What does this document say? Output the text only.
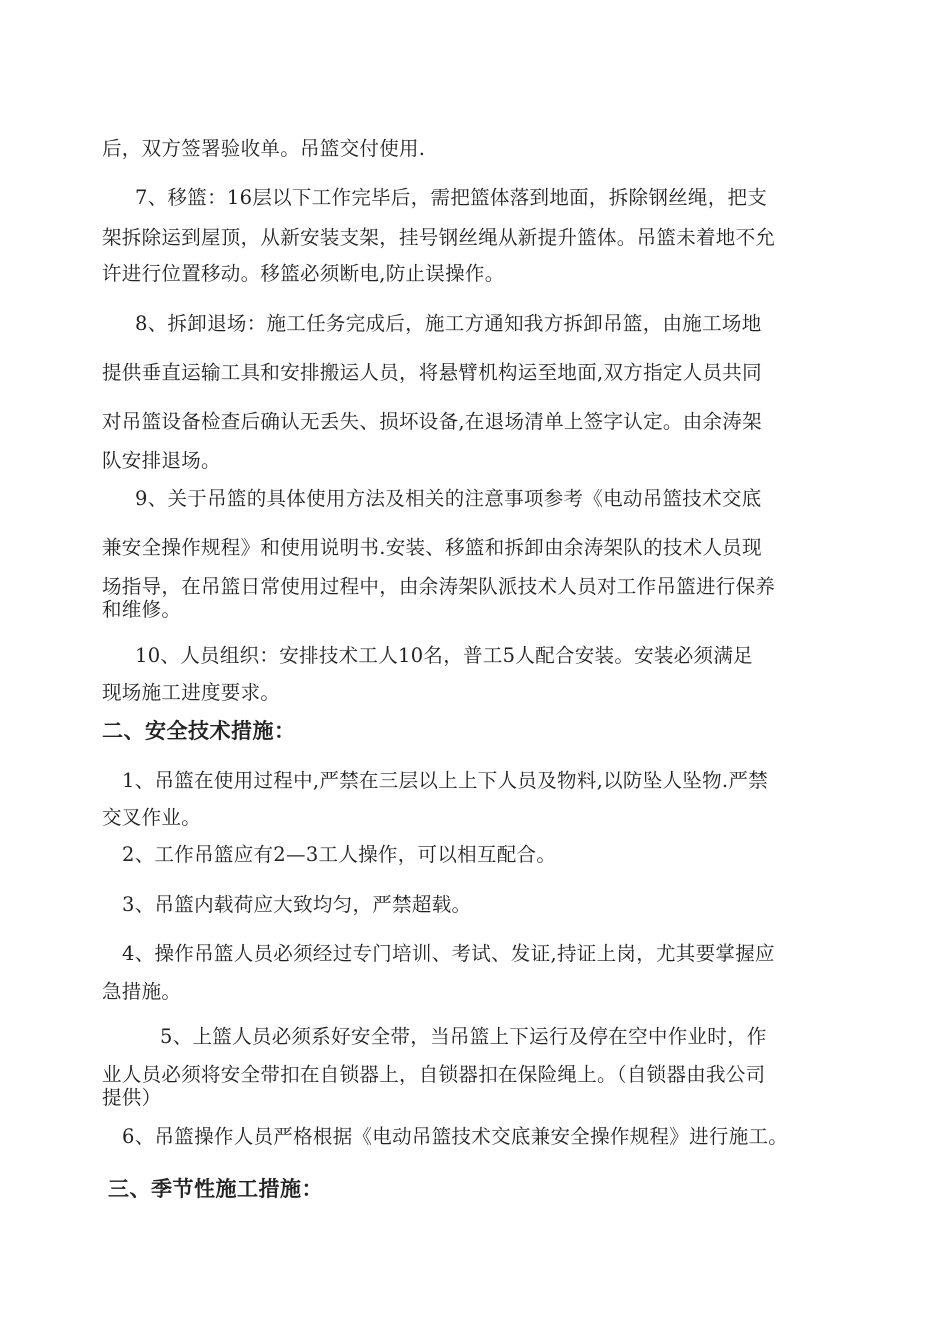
后，双方签署验收单。吊篮交付使用.
7、移篮：16层以下工作完毕后，需把篮体落到地面，拆除钢丝绳，把支
架拆除运到屋顶，从新安装支架，挂号钢丝绳从新提升篮体。吊篮未着地不允
许进行位置移动。移篮必须断电,防止误操作。
8、拆卸退场：施工任务完成后，施工方通知我方拆卸吊篮，由施工场地
提供垂直运输工具和安排搬运人员，将悬臂机构运至地面,双方指定人员共同
对吊篮设备检查后确认无丢失、损坏设备,在退场清单上签字认定。由余涛架
队安排退场。
9、关于吊篮的具体使用方法及相关的注意事项参考《电动吊篮技术交底
兼安全操作规程》和使用说明书.安装、移篮和拆卸由余涛架队的技术人员现
场指导，在吊篮日常使用过程中，由余涛架队派技术人员对工作吊篮进行保养
和维修。
10、人员组织：安排技术工人10名，普工5人配合安装。安装必须满足
现场施工进度要求。
二、安全技术措施：
1、吊篮在使用过程中,严禁在三层以上上下人员及物料,以防坠人坠物.严禁
交叉作业。
2、工作吊篮应有2—3工人操作，可以相互配合。
3、吊篮内载荷应大致均匀，严禁超载。
4、操作吊篮人员必须经过专门培训、考试、发证,持证上岗，尤其要掌握应
急措施。
5、上篮人员必须系好安全带，当吊篮上下运行及停在空中作业时，作
业人员必须将安全带扣在自锁器上，自锁器扣在保险绳上。（自锁器由我公司
提供）
6、吊篮操作人员严格根据《电动吊篮技术交底兼安全操作规程》进行施工。
三、季节性施工措施：
